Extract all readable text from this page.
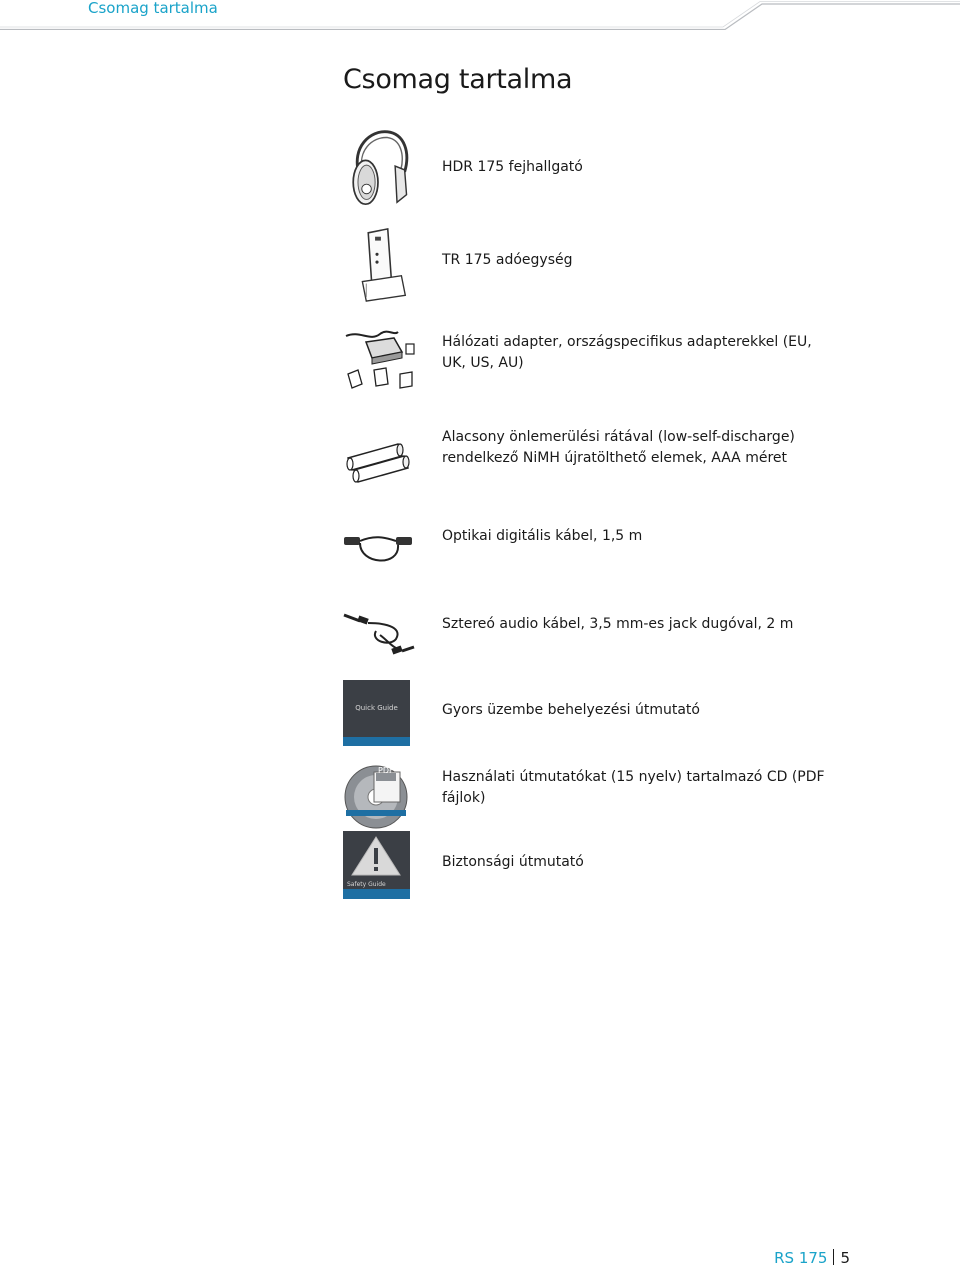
Csomag tartalma
Csomag tartalma
HDR 175 fejhallgató
TR 175 adóegység
Hálózati adapter, országspecifikus adapterekkel (EU, UK, US, AU)
Alacsony önlemerülési rátával (low-self-discharge) rendelkező NiMH újratölthető elemek, AAA méret
Optikai digitális kábel, 1,5 m
Sztereó audio kábel, 3,5 mm-es jack dugóval, 2 m
Quick Guide	Gyors üzembe behelyezési útmutató
PDF	Használati útmutatókat (15 nyelv) tartalmazó CD (PDF fájlok)
Safety Guide
Biztonsági útmutató
RS 175 5
